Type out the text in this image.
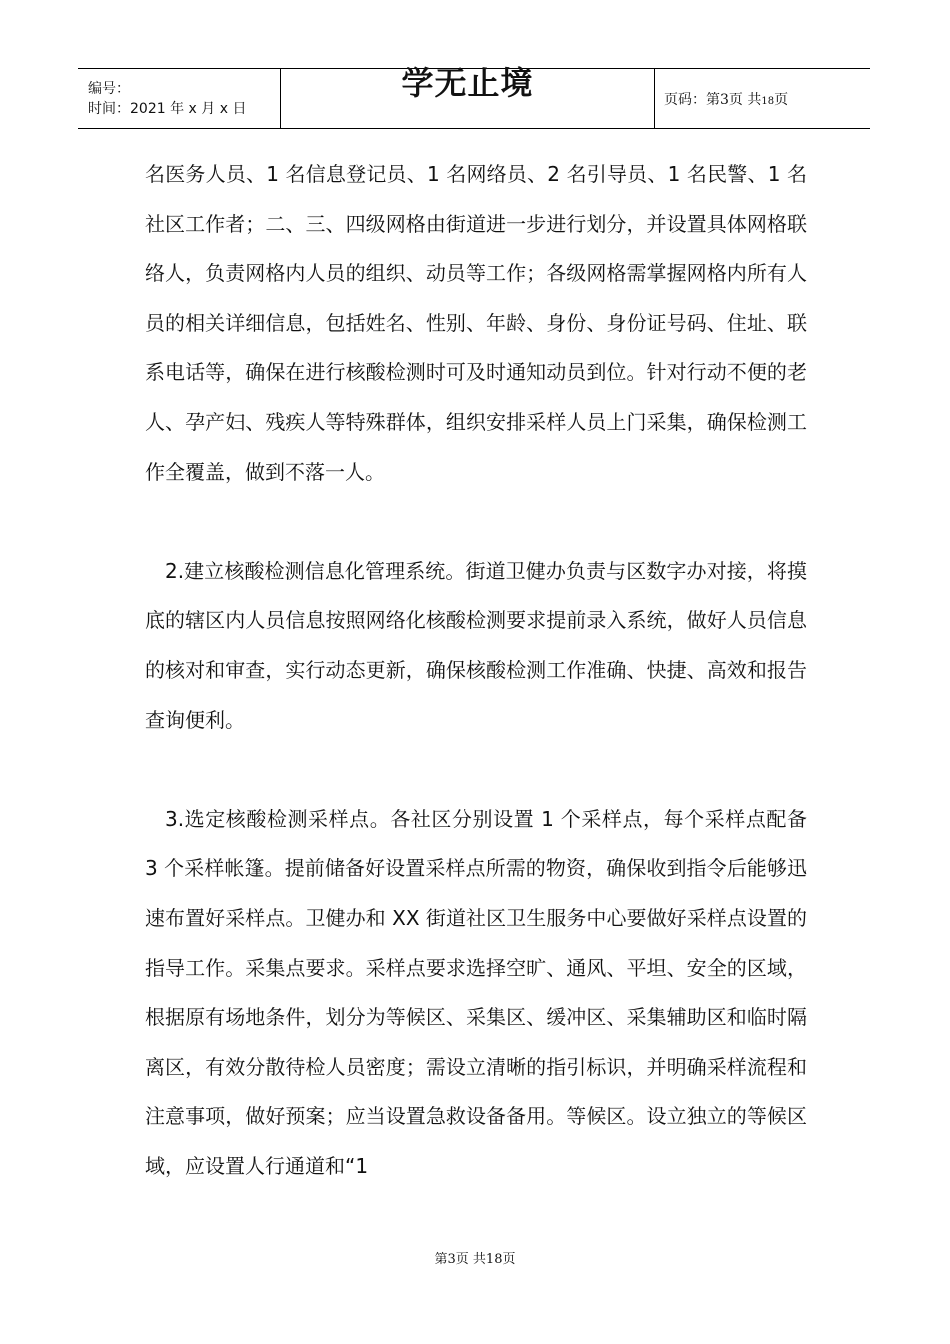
编号：
时间：2021 年 x 月 x 日
学无止境	页码：第3页 共18页

名医务人员、1 名信息登记员、1 名网络员、2 名引导员、1 名民警、1 名社区工作者；二、三、四级网格由街道进一步进行划分，并设置具体网格联络人，负责网格内人员的组织、动员等工作；各级网格需掌握网格内所有人员的相关详细信息，包括姓名、性别、年龄、身份、身份证号码、住址、联系电话等，确保在进行核酸检测时可及时通知动员到位。针对行动不便的老人、孕产妇、残疾人等特殊群体，组织安排采样人员上门采集，确保检测工作全覆盖，做到不落一人。

2.建立核酸检测信息化管理系统。街道卫健办负责与区数字办对接，将摸底的辖区内人员信息按照网络化核酸检测要求提前录入系统，做好人员信息的核对和审查，实行动态更新，确保核酸检测工作准确、快捷、高效和报告查询便利。

3.选定核酸检测采样点。各社区分别设置 1 个采样点，每个采样点配备 3 个采样帐篷。提前储备好设置采样点所需的物资，确保收到指令后能够迅速布置好采样点。卫健办和 XX 街道社区卫生服务中心要做好采样点设置的指导工作。采集点要求。采样点要求选择空旷、通风、平坦、安全的区域，根据原有场地条件，划分为等候区、采集区、缓冲区、采集辅助区和临时隔离区，有效分散待检人员密度；需设立清晰的指引标识，并明确采样流程和注意事项，做好预案；应当设置急救设备备用。等候区。设立独立的等候区域，应设置人行通道和“1

第3页 共18页
